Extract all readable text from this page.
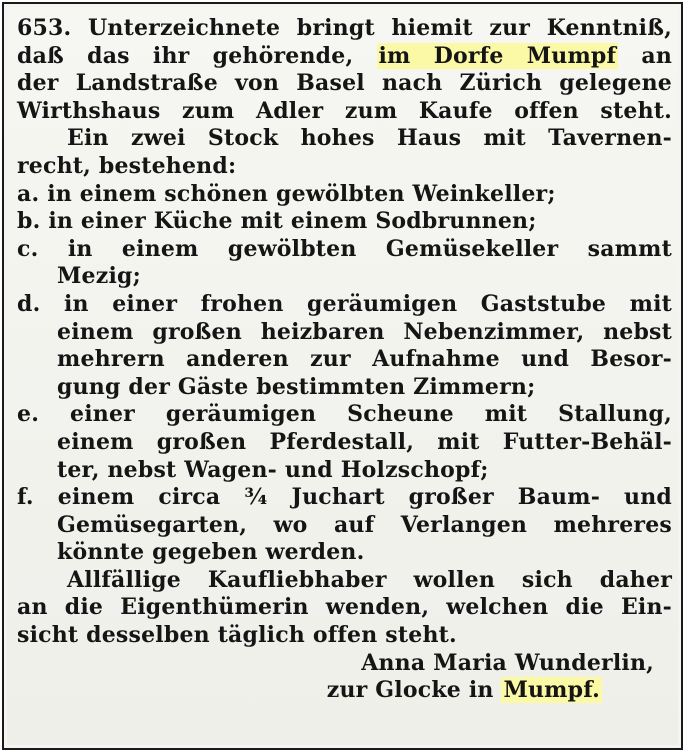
653. Unterzeichnete bringt hiemit zur Kenntniß,
daß das ihr gehörende, im Dorfe Mumpf an
der Landstraße von Basel nach Zürich gelegene
Wirthshaus zum Adler zum Kaufe offen steht.
Ein zwei Stock hohes Haus mit Tavernen-
recht, bestehend:
a. in einem schönen gewölbten Weinkeller;
b. in einer Küche mit einem Sodbrunnen;
c. in einem gewölbten Gemüsekeller sammt
Mezig;
d. in einer frohen geräumigen Gaststube mit
einem großen heizbaren Nebenzimmer, nebst
mehrern anderen zur Aufnahme und Besor-
gung der Gäste bestimmten Zimmern;
e. einer geräumigen Scheune mit Stallung,
einem großen Pferdestall, mit Futter-Behäl-
ter, nebst Wagen- und Holzschopf;
f. einem circa ¾ Juchart großer Baum- und
Gemüsegarten, wo auf Verlangen mehreres
könnte gegeben werden.
Allfällige Kaufliebhaber wollen sich daher
an die Eigenthümerin wenden, welchen die Ein-
sicht desselben täglich offen steht.
Anna Maria Wunderlin,
zur Glocke in Mumpf.
